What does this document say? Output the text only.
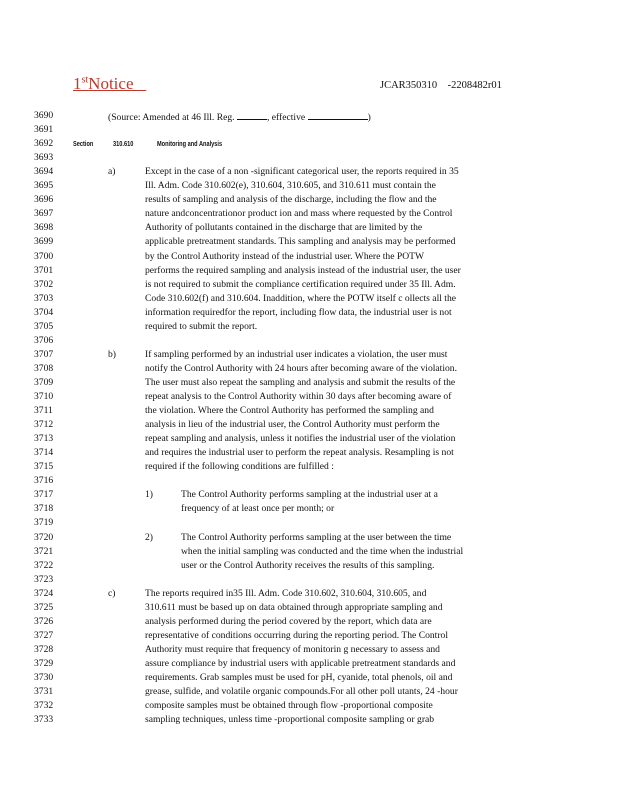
1stNotice	JCAR350310    -2208482r01
3690
3691
3692
3693
3694
3695
3696
3697
3698
3699
3700
3701
3702
3703
3704
3705
3706
3707
3708
3709
3710
3711
3712
3713
3714
3715
3716
3717
3718
3719
3720
3721
3722
3723
3724
3725
3726
3727
3728
3729
3730
3731
3732
3733
(Source: Amended at 46 Ill. Reg.	, effective	)
Section	310.610	Monitoring and Analysis
a)	Except in the case of a non -significant categorical user, the reports required in 35
Ill. Adm. Code 310.602(e), 310.604, 310.605, and 310.611 must contain the
results of sampling and analysis of the discharge, including the flow and the
nature andconcentrationor product ion and mass where requested by the Control
Authority of pollutants contained in the discharge that are limited by the
applicable pretreatment standards. This sampling and analysis may be performed
by the Control Authority instead of the industrial user. Where the POTW
performs the required sampling and analysis instead of the industrial user, the user
is not required to submit the compliance certification required under 35 Ill. Adm.
Code 310.602(f) and 310.604. Inaddition, where the POTW itself c ollects all the
information requiredfor the report, including flow data, the industrial user is not
required to submit the report.
b)	If sampling performed by an industrial user indicates a violation, the user must
notify the Control Authority with 24 hours after becoming aware of the violation.
The user must also repeat the sampling and analysis and submit the results of the
repeat analysis to the Control Authority within 30 days after becoming aware of
the violation. Where the Control Authority has performed the sampling and
analysis in lieu of the industrial user, the Control Authority must perform the
repeat sampling and analysis, unless it notifies the industrial user of the violation
and requires the industrial user to perform the repeat analysis. Resampling is not
required if the following conditions are fulfilled :
1)	The Control Authority performs sampling at the industrial user at a
frequency of at least once per month; or
2)	The Control Authority performs sampling at the user between the time
when the initial sampling was conducted and the time when the industrial
user or the Control Authority receives the results of this sampling.
c)	The reports required in35 Ill. Adm. Code 310.602, 310.604, 310.605, and
310.611 must be based up on data obtained through appropriate sampling and
analysis performed during the period covered by the report, which data are
representative of conditions occurring during the reporting period. The Control
Authority must require that frequency of monitorin g necessary to assess and
assure compliance by industrial users with applicable pretreatment standards and
requirements. Grab samples must be used for pH, cyanide, total phenols, oil and
grease, sulfide, and volatile organic compounds.For all other poll utants, 24 -hour
composite samples must be obtained through flow -proportional composite
sampling techniques, unless time -proportional composite sampling or grab
